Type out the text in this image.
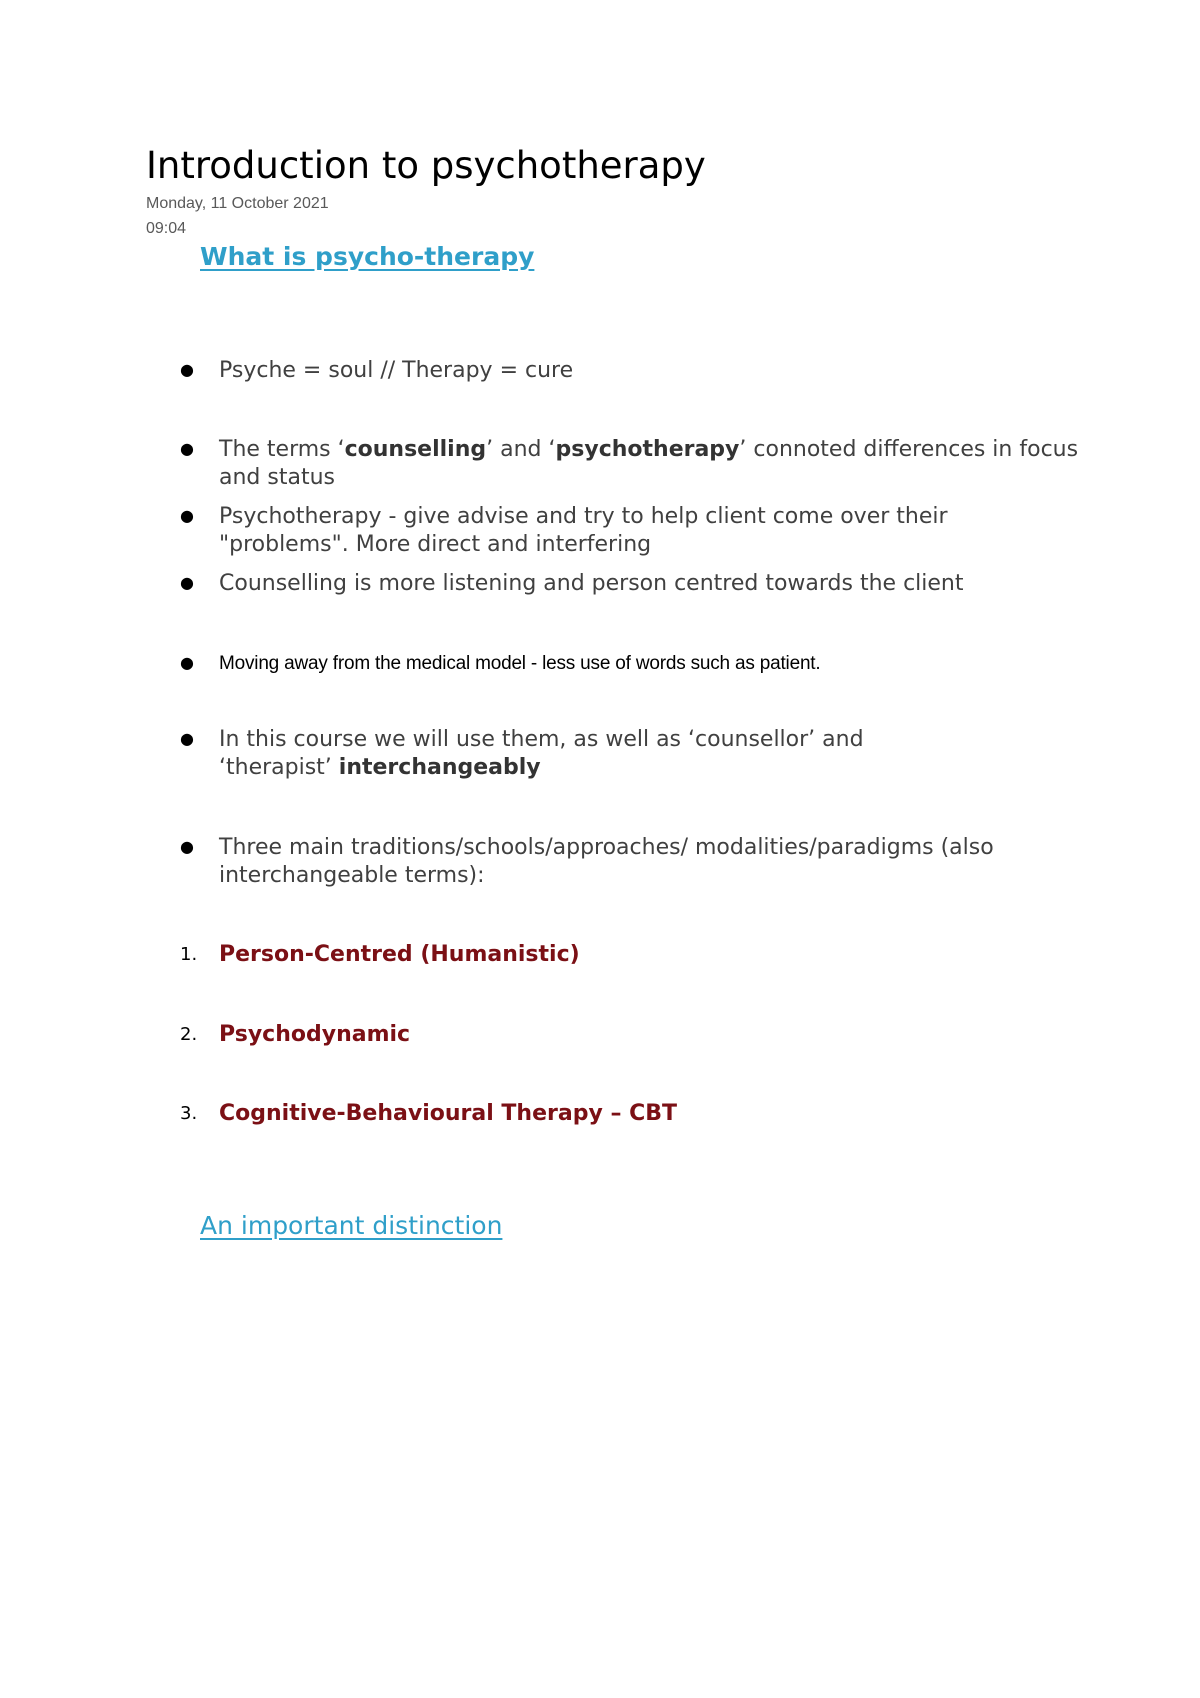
Introduction to psychotherapy
Monday, 11 October 2021
09:04
What is psycho-therapy
● Psyche = soul // Therapy = cure
● The terms ‘counselling’ and ‘psychotherapy’ connoted differences in focus and status
● Psychotherapy - give advise and try to help client come over their "problems". More direct and interfering
● Counselling is more listening and person centred towards the client
● Moving away from the medical model - less use of words such as patient.
● In this course we will use them, as well as ‘counsellor’ and ‘therapist’ interchangeably
● Three main traditions/schools/approaches/ modalities/paradigms (also interchangeable terms):
1. Person-Centred (Humanistic)
2. Psychodynamic
3. Cognitive-Behavioural Therapy – CBT
An important distinction
